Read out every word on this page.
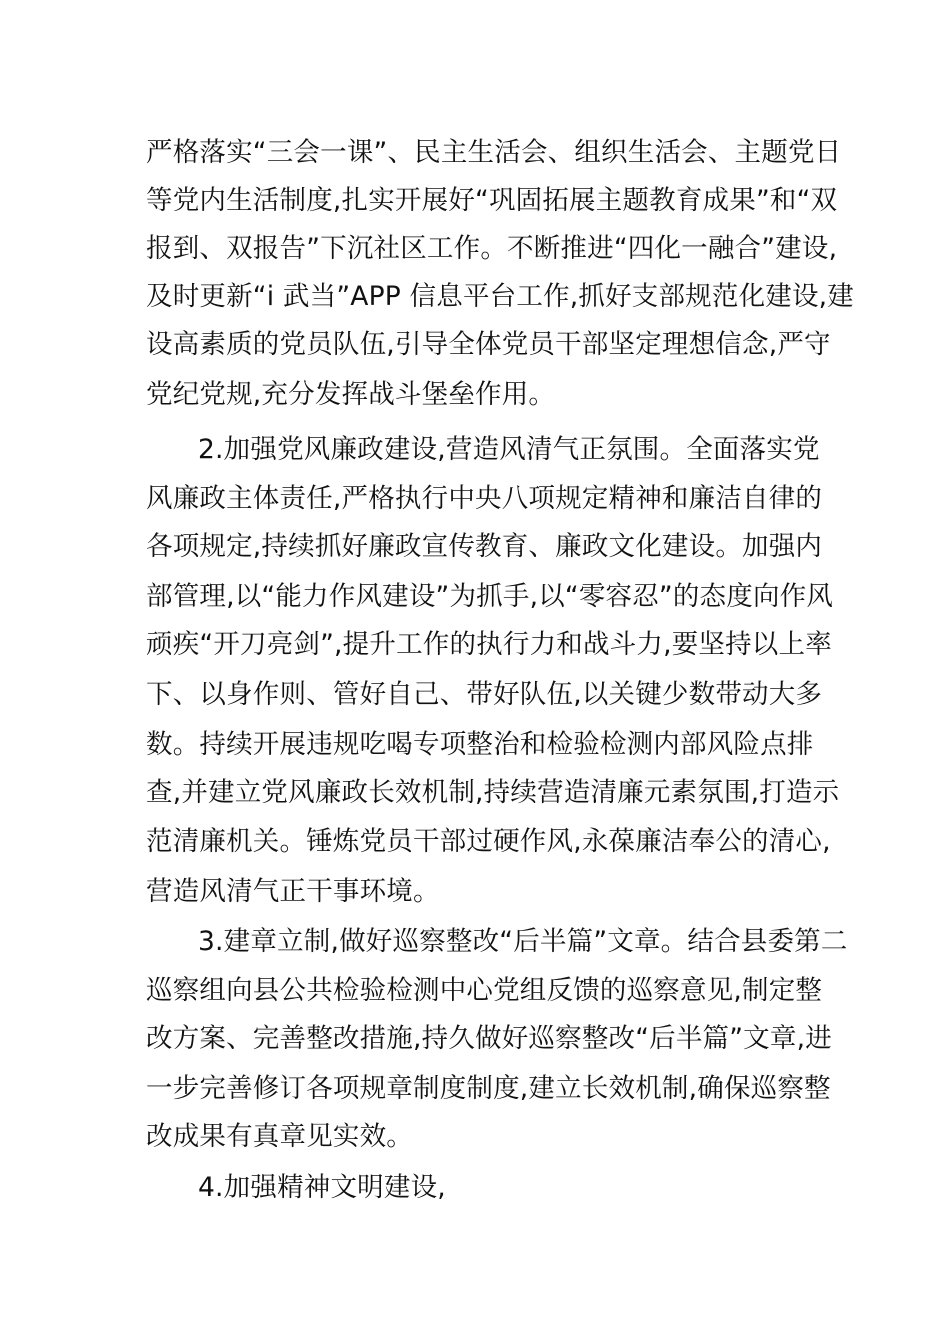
严格落实“三会一课”、民主生活会、组织生活会、主题党日
等党内生活制度,扎实开展好“巩固拓展主题教育成果”和“双
报到、双报告”下沉社区工作。不断推进“四化一融合”建设,
及时更新“i 武当”APP 信息平台工作,抓好支部规范化建设,建
设高素质的党员队伍,引导全体党员干部坚定理想信念,严守
党纪党规,充分发挥战斗堡垒作用。
2.加强党风廉政建设,营造风清气正氛围。全面落实党
风廉政主体责任,严格执行中央八项规定精神和廉洁自律的
各项规定,持续抓好廉政宣传教育、廉政文化建设。加强内
部管理,以“能力作风建设”为抓手,以“零容忍”的态度向作风
顽疾“开刀亮剑”,提升工作的执行力和战斗力,要坚持以上率
下、以身作则、管好自己、带好队伍,以关键少数带动大多
数。持续开展违规吃喝专项整治和检验检测内部风险点排
查,并建立党风廉政长效机制,持续营造清廉元素氛围,打造示
范清廉机关。锤炼党员干部过硬作风,永葆廉洁奉公的清心,
营造风清气正干事环境。
3.建章立制,做好巡察整改“后半篇”文章。结合县委第二
巡察组向县公共检验检测中心党组反馈的巡察意见,制定整
改方案、完善整改措施,持久做好巡察整改“后半篇”文章,进
一步完善修订各项规章制度制度,建立长效机制,确保巡察整
改成果有真章见实效。
4.加强精神文明建设,
